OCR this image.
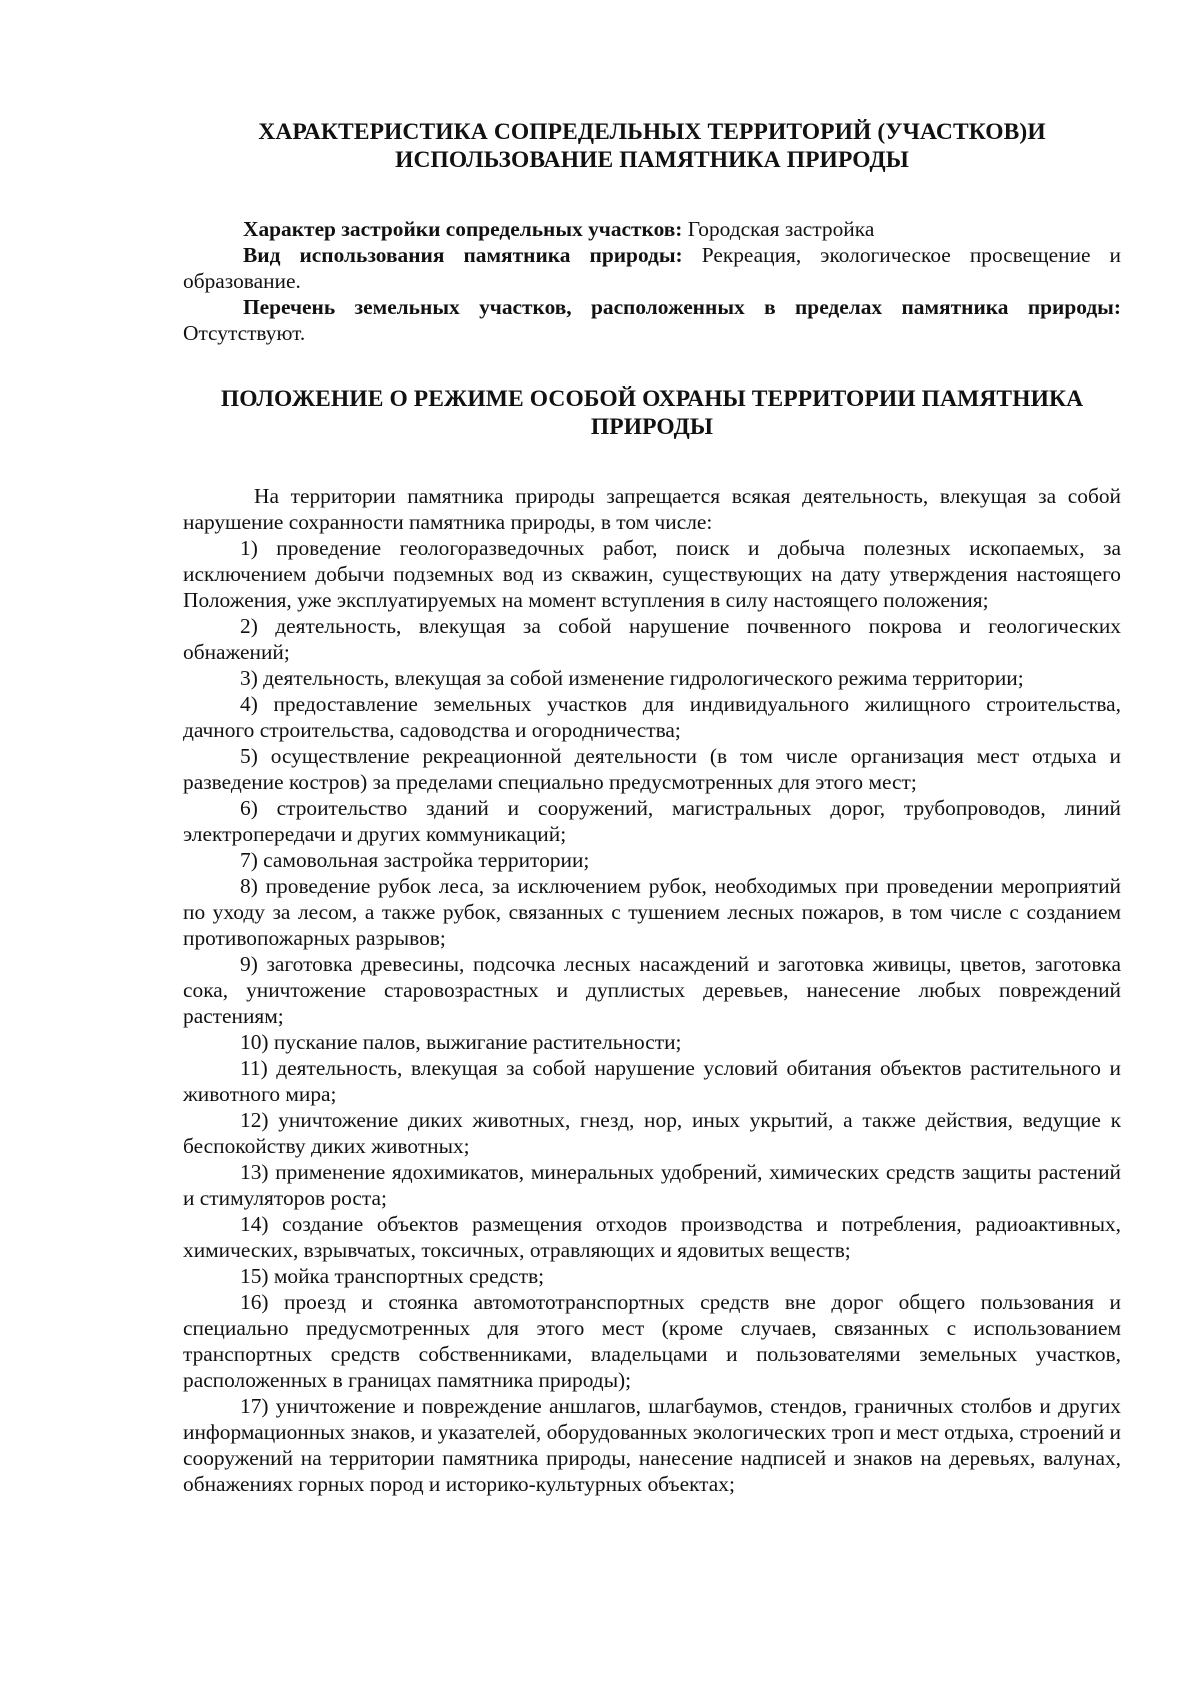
ХАРАКТЕРИСТИКА СОПРЕДЕЛЬНЫХ ТЕРРИТОРИЙ (УЧАСТКОВ)И
ИСПОЛЬЗОВАНИЕ ПАМЯТНИКА ПРИРОДЫ

Характер застройки сопредельных участков: Городская застройка

Вид использования памятника природы: Рекреация, экологическое просвещение и образование.

Перечень земельных участков, расположенных в пределах памятника природы: Отсутствуют.

ПОЛОЖЕНИЕ О РЕЖИМЕ ОСОБОЙ ОХРАНЫ ТЕРРИТОРИИ ПАМЯТНИКА
ПРИРОДЫ

На территории памятника природы запрещается всякая деятельность, влекущая за собой нарушение сохранности памятника природы, в том числе:

1) проведение геологоразведочных работ, поиск и добыча полезных ископаемых, за исключением добычи подземных вод из скважин, существующих на дату утверждения настоящего Положения, уже эксплуатируемых на момент вступления в силу настоящего положения;

2) деятельность, влекущая за собой нарушение почвенного покрова и геологических обнажений;

3) деятельность, влекущая за собой изменение гидрологического режима территории;

4) предоставление земельных участков для индивидуального жилищного строительства, дачного строительства, садоводства и огородничества;

5) осуществление рекреационной деятельности (в том числе организация мест отдыха и разведение костров) за пределами специально предусмотренных для этого мест;

6) строительство зданий и сооружений, магистральных дорог, трубопроводов, линий электропередачи и других коммуникаций;

7) самовольная застройка территории;

8) проведение рубок леса, за исключением рубок, необходимых при проведении мероприятий по уходу за лесом, а также рубок, связанных с тушением лесных пожаров, в том числе с созданием противопожарных разрывов;

9) заготовка древесины, подсочка лесных насаждений и заготовка живицы, цветов, заготовка сока, уничтожение старовозрастных и дуплистых деревьев, нанесение любых повреждений растениям;

10) пускание палов, выжигание растительности;

11) деятельность, влекущая за собой нарушение условий обитания объектов растительного и животного мира;

12) уничтожение диких животных, гнезд, нор, иных укрытий, а также действия, ведущие к беспокойству диких животных;

13) применение ядохимикатов, минеральных удобрений, химических средств защиты растений и стимуляторов роста;

14) создание объектов размещения отходов производства и потребления, радиоактивных, химических, взрывчатых, токсичных, отравляющих и ядовитых веществ;

15) мойка транспортных средств;

16) проезд и стоянка автомототранспортных средств вне дорог общего пользования и специально предусмотренных для этого мест (кроме случаев, связанных с использованием транспортных средств собственниками, владельцами и пользователями земельных участков, расположенных в границах памятника природы);

17) уничтожение и повреждение аншлагов, шлагбаумов, стендов, граничных столбов и других информационных знаков, и указателей, оборудованных экологических троп и мест отдыха, строений и сооружений на территории памятника природы, нанесение надписей и знаков на деревьях, валунах, обнажениях горных пород и историко-культурных объектах;
